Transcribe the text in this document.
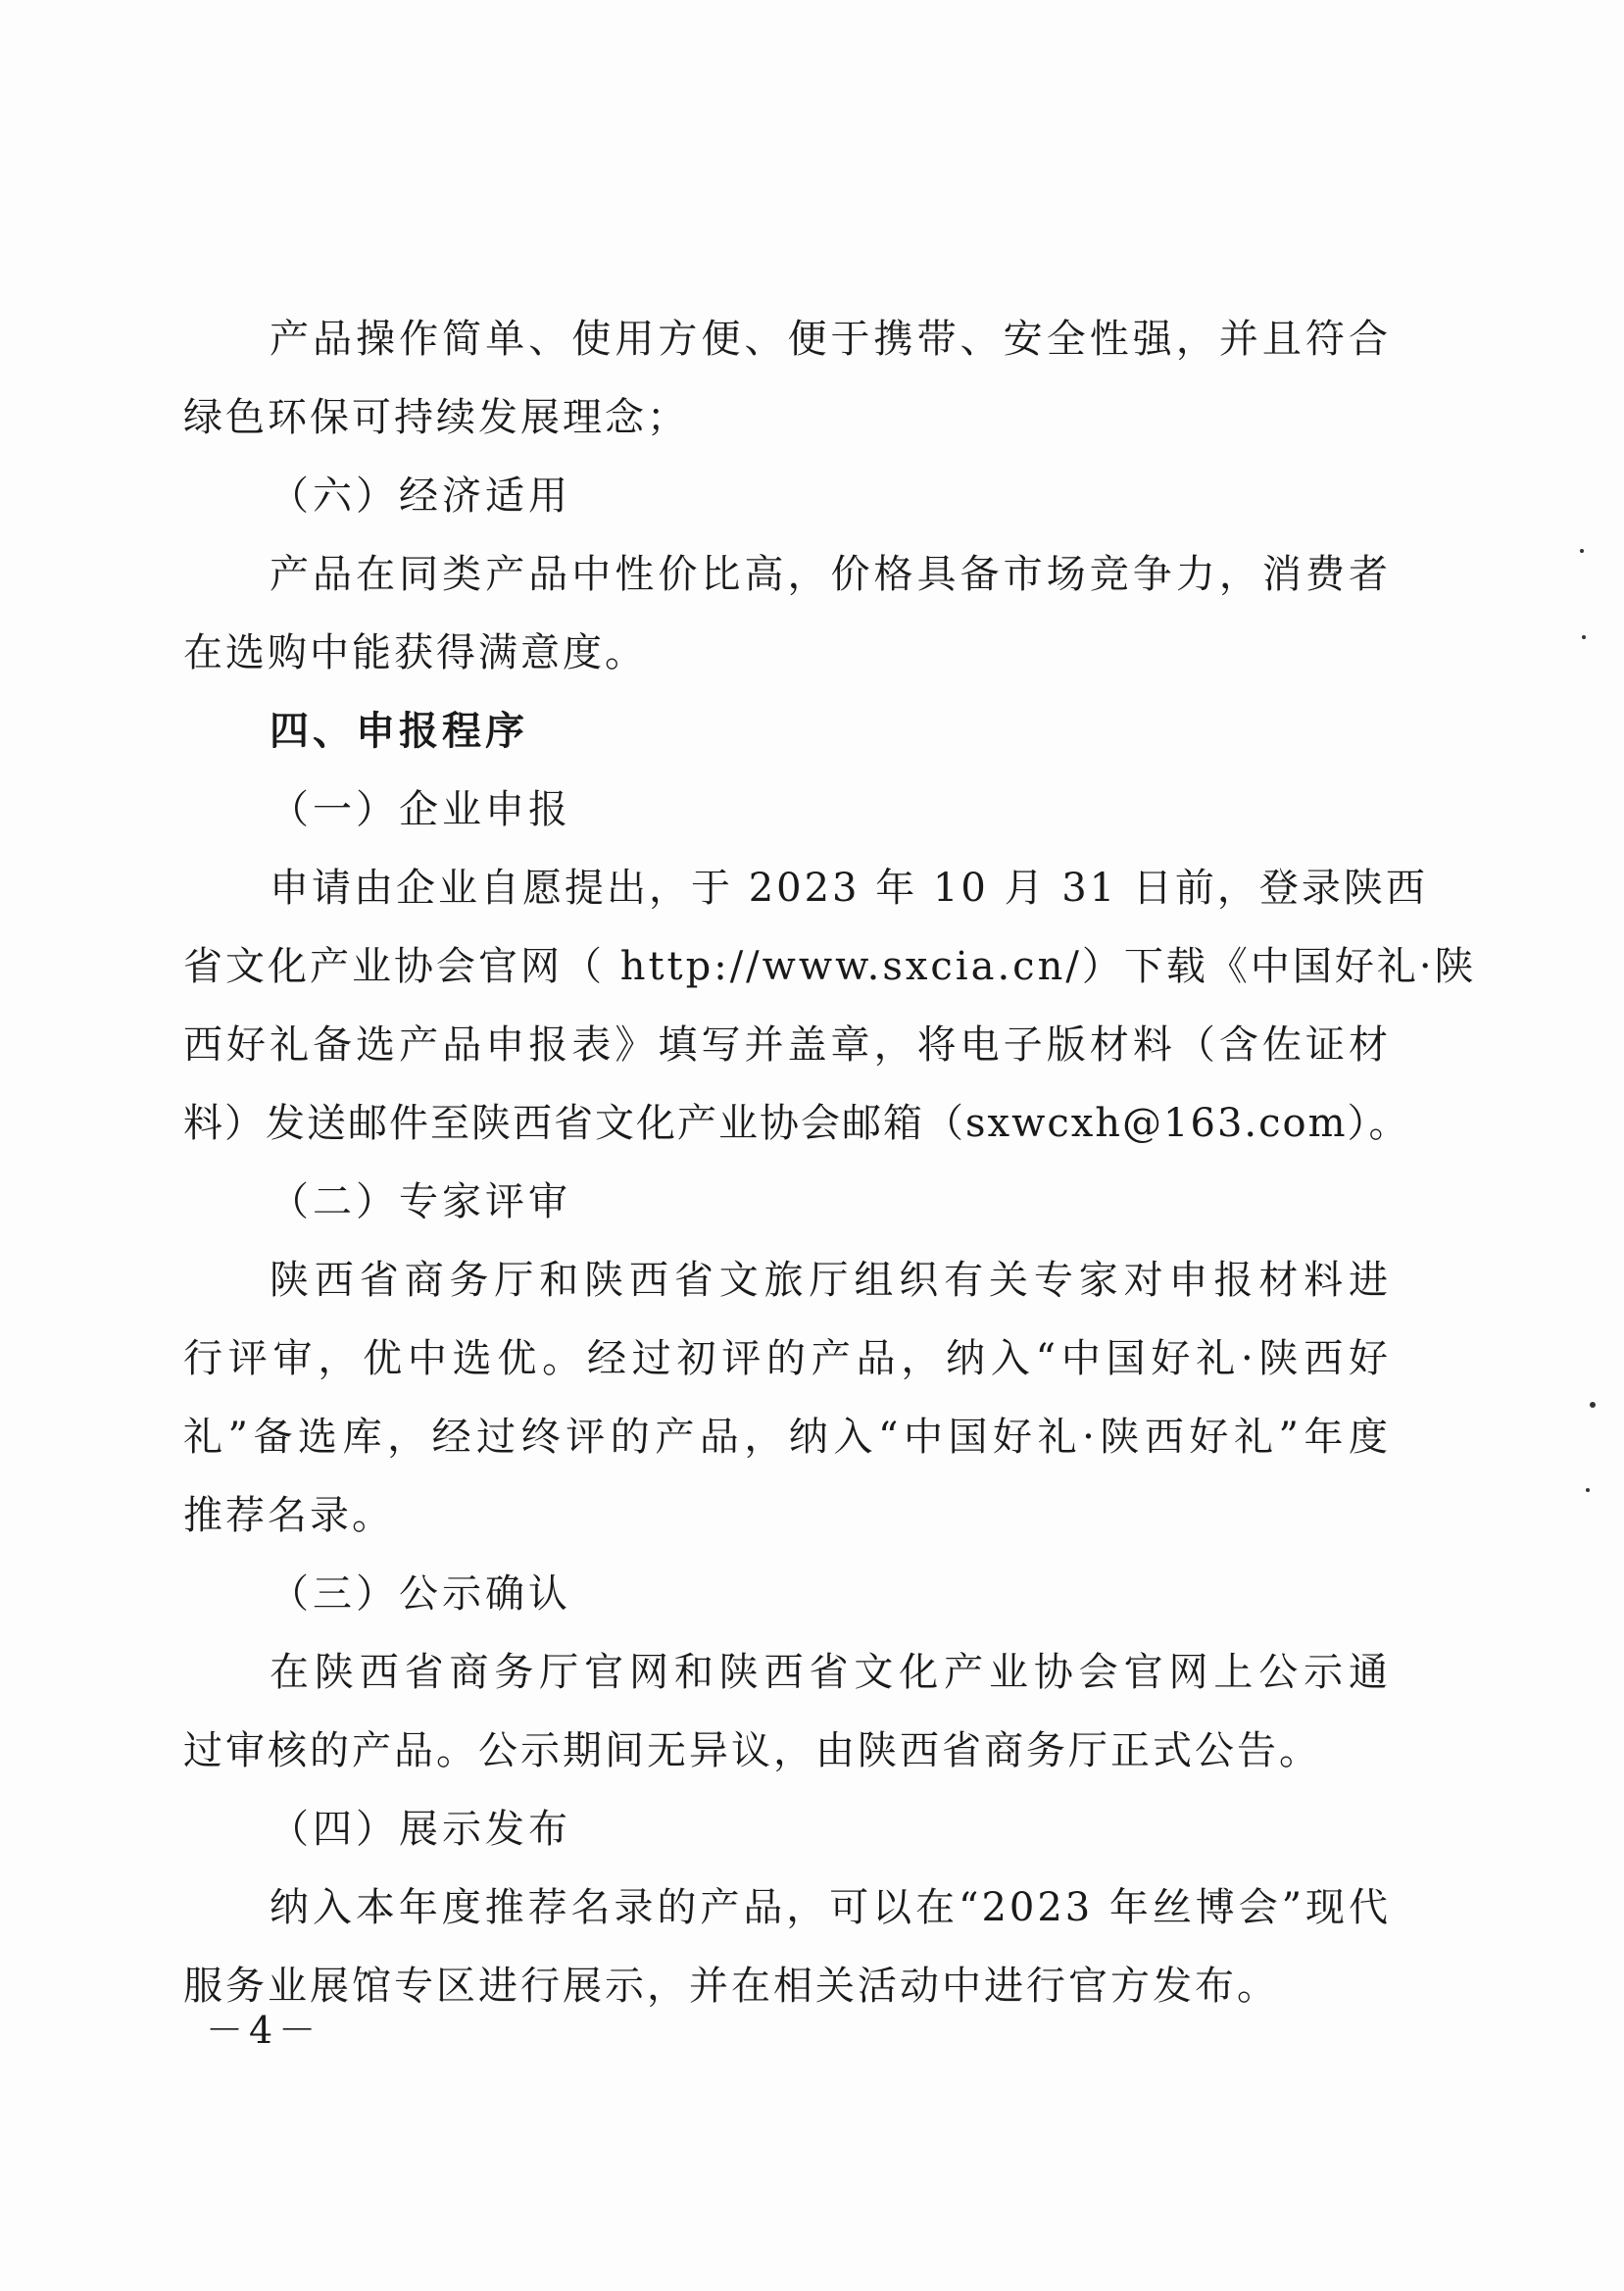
产品操作简单、使用方便、便于携带、安全性强，并且符合
绿色环保可持续发展理念；
（六）经济适用
产品在同类产品中性价比高，价格具备市场竞争力，消费者
在选购中能获得满意度。
四、申报程序
（一）企业申报
申请由企业自愿提出，于 2023 年 10 月 31 日前，登录陕西
省文化产业协会官网（ http://www.sxcia.cn/）下载《中国好礼·陕
西好礼备选产品申报表》填写并盖章，将电子版材料（含佐证材
料）发送邮件至陕西省文化产业协会邮箱（sxwcxh@163.com）。
（二）专家评审
陕西省商务厅和陕西省文旅厅组织有关专家对申报材料进
行评审，优中选优。经过初评的产品，纳入“中国好礼·陕西好
礼”备选库，经过终评的产品，纳入“中国好礼·陕西好礼”年度
推荐名录。
（三）公示确认
在陕西省商务厅官网和陕西省文化产业协会官网上公示通
过审核的产品。公示期间无异议，由陕西省商务厅正式公告。
（四）展示发布
纳入本年度推荐名录的产品，可以在“2023 年丝博会”现代
服务业展馆专区进行展示，并在相关活动中进行官方发布。
－4－
